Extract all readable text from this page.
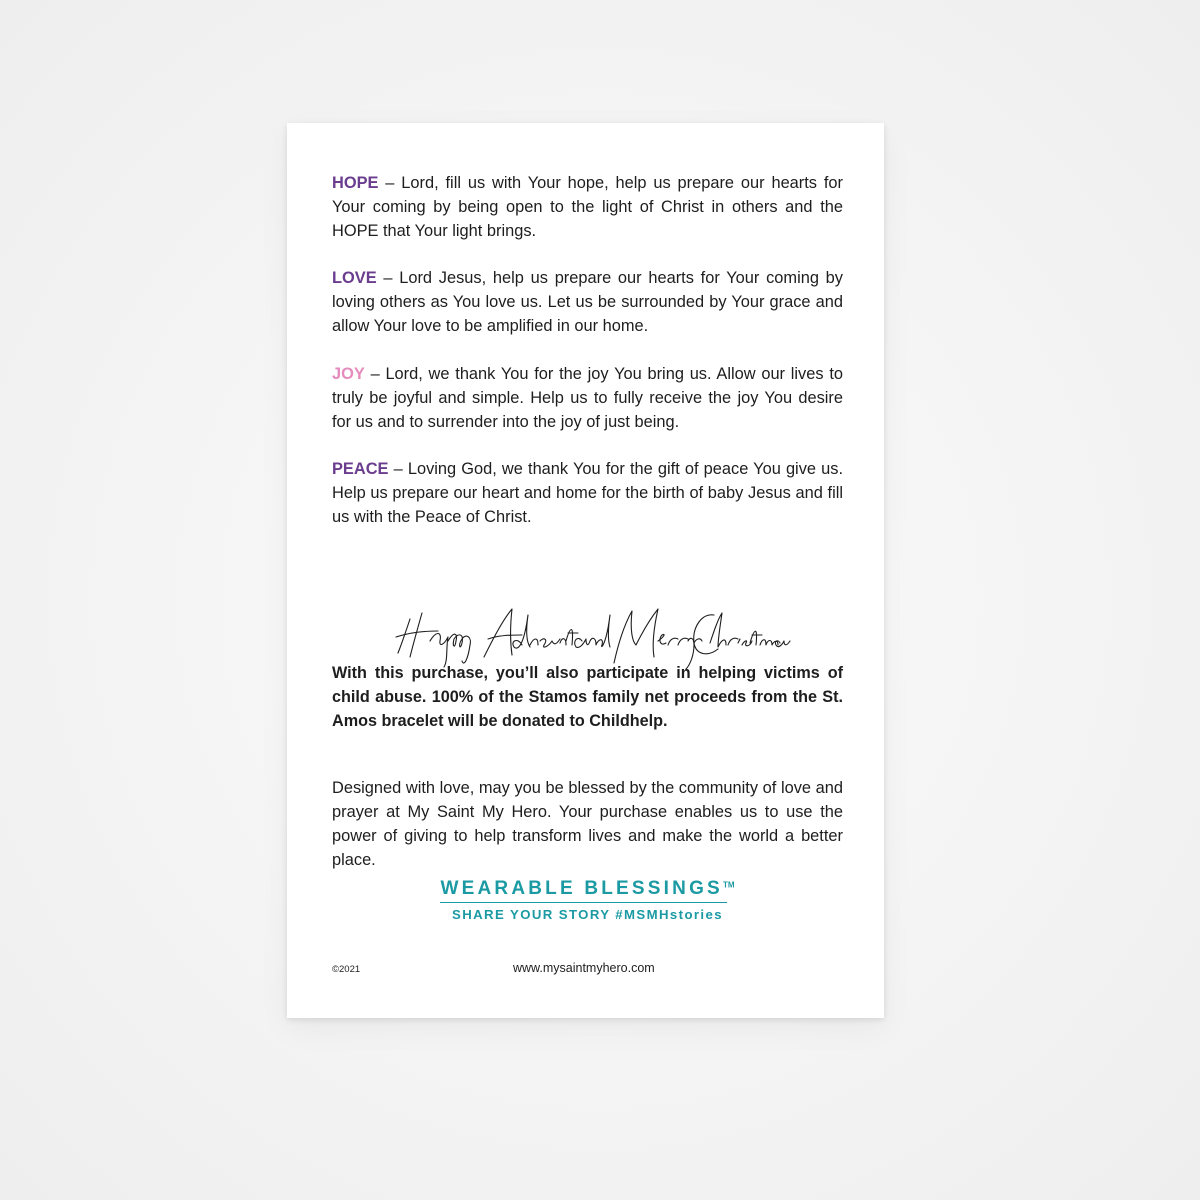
HOPE – Lord, fill us with Your hope, help us prepare our hearts for Your coming by being open to the light of Christ in others and the HOPE that Your light brings.

LOVE – Lord Jesus, help us prepare our hearts for Your coming by loving others as You love us. Let us be surrounded by Your grace and allow Your love to be amplified in our home.

JOY – Lord, we thank You for the joy You bring us. Allow our lives to truly be joyful and simple. Help us to fully receive the joy You desire for us and to surrender into the joy of just being.

PEACE – Loving God, we thank You for the gift of peace You give us. Help us prepare our heart and home for the birth of baby Jesus and fill us with the Peace of Christ.

With this purchase, you’ll also participate in helping victims of child abuse. 100% of the Stamos family net proceeds from the St. Amos bracelet will be donated to Childhelp.

Designed with love, may you be blessed by the community of love and prayer at My Saint My Hero. Your purchase enables us to use the power of giving to help transform lives and make the world a better place.

WEARABLE BLESSINGS™
SHARE YOUR STORY #MSMHstories
©2021	www.mysaintmyhero.com
